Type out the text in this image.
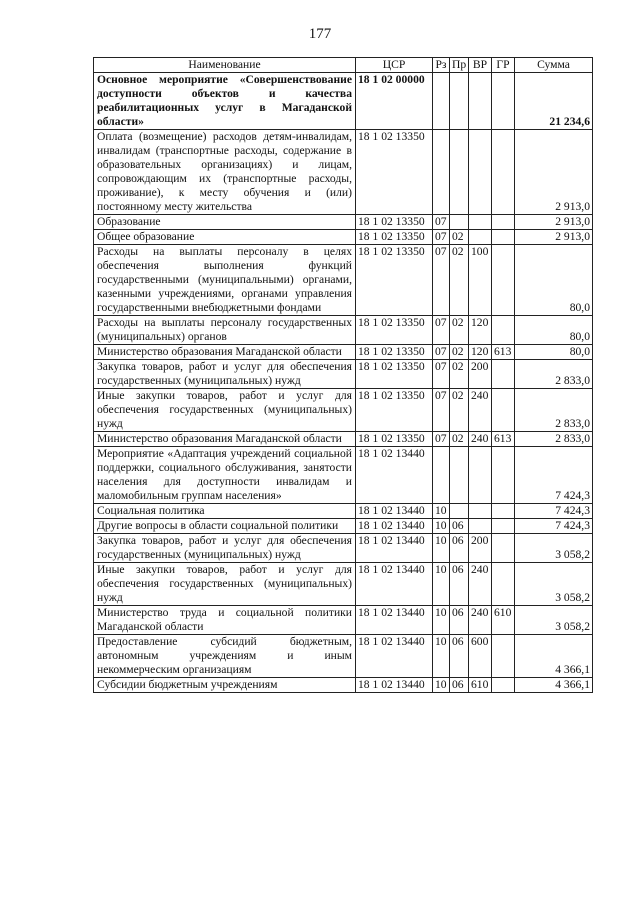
177
Наименование	ЦСР	Рз	Пр	ВР	ГР	Сумма
Основное мероприятие «Совершенствование доступности объектов и качества реабилитационных услуг в Магаданской области»	18 1 02 00000					21 234,6
Оплата (возмещение) расходов детям-инвалидам, инвалидам (транспортные расходы, содержание в образовательных организациях) и лицам, сопровождающим их (транспортные расходы, проживание), к месту обучения и (или) постоянному месту жительства	18 1 02 13350					2 913,0
Образование	18 1 02 13350	07				2 913,0
Общее образование	18 1 02 13350	07	02			2 913,0
Расходы на выплаты персоналу в целях обеспечения выполнения функций государственными (муниципальными) органами, казенными учреждениями, органами управления государственными внебюджетными фондами	18 1 02 13350	07	02	100		80,0
Расходы на выплаты персоналу государственных (муниципальных) органов	18 1 02 13350	07	02	120		80,0
Министерство образования Магаданской области	18 1 02 13350	07	02	120	613	80,0
Закупка товаров, работ и услуг для обеспечения государственных (муниципальных) нужд	18 1 02 13350	07	02	200		2 833,0
Иные закупки товаров, работ и услуг для обеспечения государственных (муниципальных) нужд	18 1 02 13350	07	02	240		2 833,0
Министерство образования Магаданской области	18 1 02 13350	07	02	240	613	2 833,0
Мероприятие «Адаптация учреждений социальной поддержки, социального обслуживания, занятости населения для доступности инвалидам и маломобильным группам населения»	18 1 02 13440					7 424,3
Социальная политика	18 1 02 13440	10				7 424,3
Другие вопросы в области социальной политики	18 1 02 13440	10	06			7 424,3
Закупка товаров, работ и услуг для обеспечения государственных (муниципальных) нужд	18 1 02 13440	10	06	200		3 058,2
Иные закупки товаров, работ и услуг для обеспечения государственных (муниципальных) нужд	18 1 02 13440	10	06	240		3 058,2
Министерство труда и социальной политики Магаданской области	18 1 02 13440	10	06	240	610	3 058,2
Предоставление субсидий бюджетным, автономным учреждениям и иным некоммерческим организациям	18 1 02 13440	10	06	600		4 366,1
Субсидии бюджетным учреждениям	18 1 02 13440	10	06	610		4 366,1
